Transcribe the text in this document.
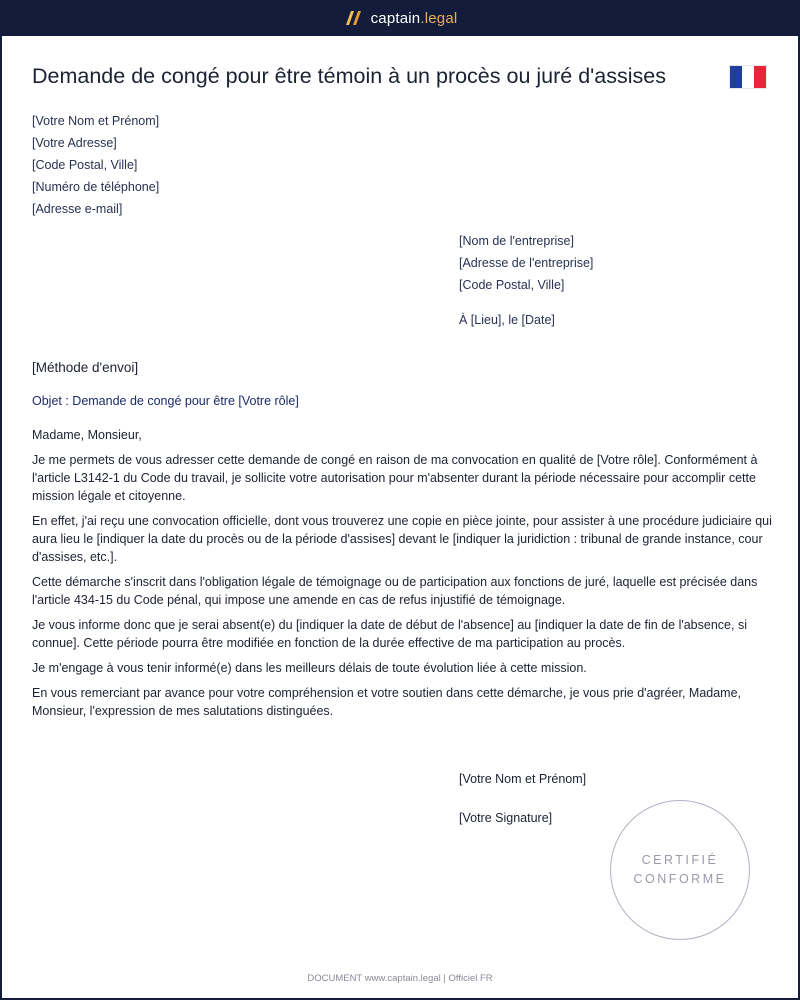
captain .legal
Demande de congé pour être témoin à un procès ou juré d'assises
[Votre Nom et Prénom]
[Votre Adresse]
[Code Postal, Ville]
[Numéro de téléphone]
[Adresse e-mail]
[Nom de l'entreprise]
[Adresse de l'entreprise]
[Code Postal, Ville]
À [Lieu], le [Date]
[Méthode d'envoi]
Objet : Demande de congé pour être [Votre rôle]

Madame, Monsieur,

Je me permets de vous adresser cette demande de congé en raison de ma convocation en qualité de [Votre rôle]. Conformément à l'article L3142-1 du Code du travail, je sollicite votre autorisation pour m'absenter durant la période nécessaire pour accomplir cette mission légale et citoyenne.

En effet, j'ai reçu une convocation officielle, dont vous trouverez une copie en pièce jointe, pour assister à une procédure judiciaire qui aura lieu le [indiquer la date du procès ou de la période d'assises] devant le [indiquer la juridiction : tribunal de grande instance, cour d'assises, etc.].

Cette démarche s'inscrit dans l'obligation légale de témoignage ou de participation aux fonctions de juré, laquelle est précisée dans l'article 434-15 du Code pénal, qui impose une amende en cas de refus injustifié de témoignage.

Je vous informe donc que je serai absent(e) du [indiquer la date de début de l'absence] au [indiquer la date de fin de l'absence, si connue]. Cette période pourra être modifiée en fonction de la durée effective de ma participation au procès.

Je m'engage à vous tenir informé(e) dans les meilleurs délais de toute évolution liée à cette mission.

En vous remerciant par avance pour votre compréhension et votre soutien dans cette démarche, je vous prie d'agréer, Madame, Monsieur, l'expression de mes salutations distinguées.

[Votre Nom et Prénom]
[Votre Signature]
CERTIFIÉ
CONFORME
DOCUMENT www.captain.legal | Officiel FR
